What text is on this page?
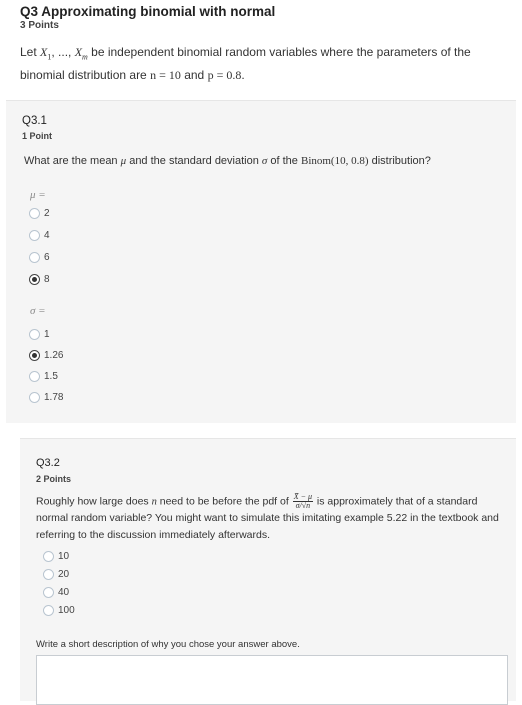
Q3 Approximating binomial with normal
3 Points
Let $X_1$, ..., $X_m$ be independent binomial random variables where the parameters of the binomial distribution are n = 10 and p = 0.8.
Q3.1
1 Point
What are the mean μ and the standard deviation σ of the Binom(10, 0.8) distribution?
μ =
2
4
6
8
σ =
1
1.26
1.5
1.78
Q3.2
2 Points
Roughly how large does n need to be before the pdf of $\frac{X̄ - \mu}{\sigma/√n}$ is approximately that of a standard normal random variable? You might want to simulate this imitating example 5.22 in the textbook and referring to the discussion immediately afterwards.
10
20
40
100
Write a short description of why you chose your answer above.
